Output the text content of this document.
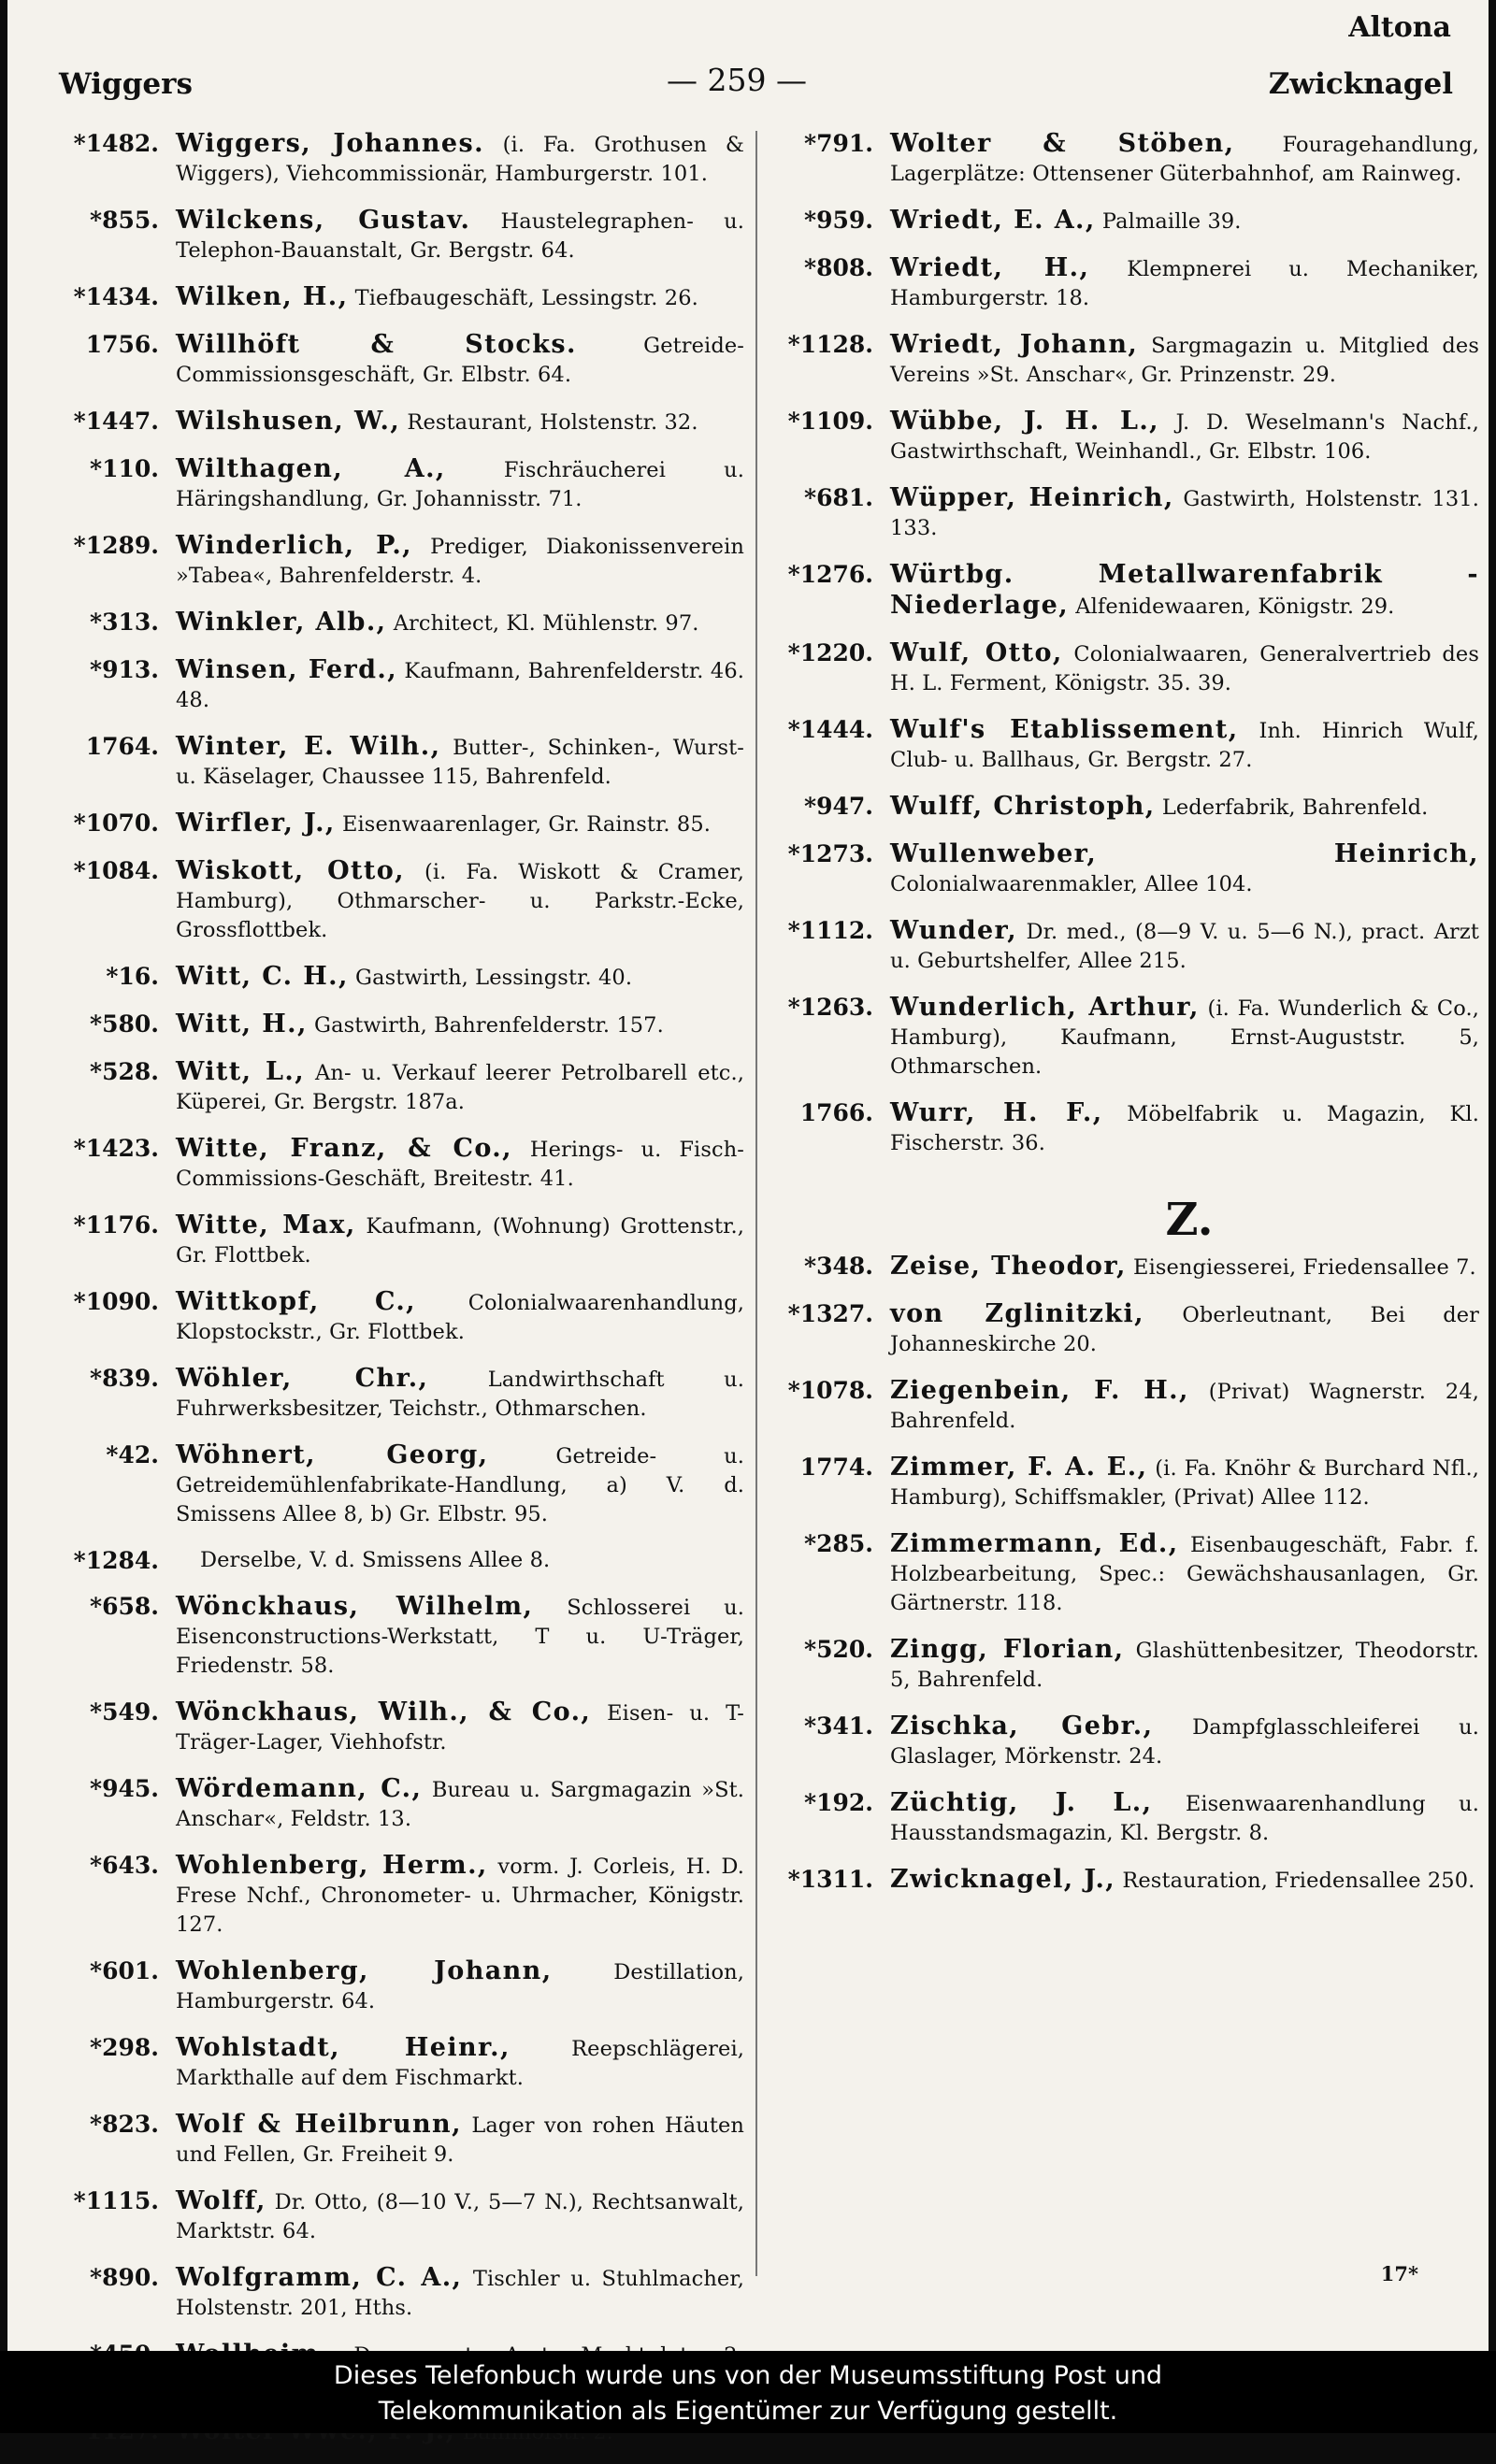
Altona
Wiggers	— 259 —	Zwicknagel
*1482. Wiggers, Johannes. (i. Fa. Grothusen & Wiggers), Viehcommissionär, Hamburgerstr. 101.
*855. Wilckens, Gustav. Haustelegraphen- u. Telephon-Bauanstalt, Gr. Bergstr. 64.
*1434. Wilken, H., Tiefbaugeschäft, Lessingstr. 26.
1756. Willhöft & Stocks.	Getreide-Commissionsgeschäft, Gr. Elbstr. 64.
*1447. Wilshusen, W., Restaurant, Holstenstr. 32.
*110. Wilthagen, A.,	Fischräucherei u. Häringshandlung, Gr. Johannisstr. 71.
*1289. Winderlich, P., Prediger, Diakonissenverein »Tabea«, Bahrenfelderstr. 4.
*313. Winkler, Alb., Architect, Kl. Mühlenstr. 97.
*913. Winsen, Ferd., Kaufmann, Bahrenfelderstr. 46. 48.
1764. Winter, E. Wilh., Butter-, Schinken-, Wurst- u. Käselager, Chaussee 115, Bahrenfeld.
*1070. Wirfler, J., Eisenwaarenlager, Gr. Rainstr. 85.
*1084. Wiskott, Otto, (i. Fa. Wiskott & Cramer, Hamburg), Othmarscher- u. Parkstr.-Ecke, Grossflottbek.
*16. Witt, C. H., Gastwirth, Lessingstr. 40.
*580. Witt, H., Gastwirth, Bahrenfelderstr. 157.
*528. Witt, L., An- u. Verkauf leerer Petrolbarell etc., Küperei, Gr. Bergstr. 187a.
*1423. Witte, Franz, & Co., Herings- u. Fisch-Commissions-Geschäft, Breitestr. 41.
*1176. Witte, Max, Kaufmann, (Wohnung) Grottenstr., Gr. Flottbek.
*1090. Wittkopf, C., Colonialwaarenhandlung, Klopstockstr., Gr. Flottbek.
*839. Wöhler, Chr.,	Landwirthschaft u. Fuhrwerksbesitzer, Teichstr., Othmarschen.
*42. Wöhnert, Georg,	Getreide- u. Getreidemühlenfabrikate-Handlung, a) V. d. Smissens Allee 8, b) Gr. Elbstr. 95.
*1284.	Derselbe, V. d. Smissens Allee 8.
*658. Wönckhaus, Wilhelm, Schlosserei u. Eisenconstructions-Werkstatt, T u. U-Träger, Friedenstr. 58.
*549. Wönckhaus, Wilh., & Co., Eisen- u. T-Träger-Lager, Viehhofstr.
*945. Wördemann, C., Bureau u. Sargmagazin »St. Anschar«, Feldstr. 13.
*643. Wohlenberg, Herm., vorm. J. Corleis, H. D. Frese Nchf., Chronometer- u. Uhrmacher, Königstr. 127.
*601. Wohlenberg, Johann,	Destillation, Hamburgerstr. 64.
*298. Wohlstadt, Heinr.,	Reepschlägerei, Markthalle auf dem Fischmarkt.
*823. Wolf & Heilbrunn, Lager von rohen Häuten und Fellen, Gr. Freiheit 9.
*1115. Wolff, Dr. Otto, (8—10 V., 5—7 N.), Rechtsanwalt, Marktstr. 64.
*890. Wolfgramm, C. A., Tischler u. Stuhlmacher, Holstenstr. 201, Hths.
*791. Wolter & Stöben, Fouragehandlung, Lagerplätze: Ottensener Güterbahnhof, am Rainweg.
*959. Wriedt, E. A., Palmaille 39.
*808. Wriedt, H., Klempnerei u. Mechaniker, Hamburgerstr. 18.
*1128. Wriedt, Johann, Sargmagazin u. Mitglied des Vereins »St. Anschar«, Gr. Prinzenstr. 29.
*1109. Wübbe, J. H. L., J. D. Weselmann's Nachf., Gastwirthschaft, Weinhandl., Gr. Elbstr. 106.
*681. Wüpper, Heinrich, Gastwirth, Holstenstr. 131. 133.
*1276. Würtbg. Metallwarenfabrik - Niederlage, Alfenidewaaren, Königstr. 29.
*1220. Wulf, Otto, Colonialwaaren, Generalvertrieb des H. L. Ferment, Königstr. 35. 39.
*1444. Wulf's Etablissement, Inh. Hinrich Wulf, Club- u. Ballhaus, Gr. Bergstr. 27.
*947. Wulff, Christoph, Lederfabrik, Bahrenfeld.
*1273. Wullenweber, Heinrich, Colonialwaarenmakler, Allee 104.
*1112. Wunder, Dr. med., (8—9 V. u. 5—6 N.), pract. Arzt u. Geburtshelfer, Allee 215.
*1263. Wunderlich, Arthur, (i. Fa. Wunderlich & Co., Hamburg), Kaufmann, Ernst-Auguststr. 5, Othmarschen.
1766. Wurr, H. F., Möbelfabrik u. Magazin, Kl. Fischerstr. 36.
Z.
*348. Zeise, Theodor, Eisengiesserei, Friedensallee 7.
*1327. von Zglinitzki, Oberleutnant, Bei der Johanneskirche 20.
*1078. Ziegenbein, F. H., (Privat) Wagnerstr. 24, Bahrenfeld.
1774. Zimmer, F. A. E., (i. Fa. Knöhr & Burchard Nfl., Hamburg), Schiffsmakler, (Privat) Allee 112.
*285. Zimmermann, Ed., Eisenbaugeschäft, Fabr. f. Holzbearbeitung, Spec.: Gewächshausanlagen, Gr. Gärtnerstr. 118.
*520. Zingg, Florian, Glashüttenbesitzer, Theodorstr. 5, Bahrenfeld.
*341. Zischka, Gebr., Dampfglasschleiferei u. Glaslager, Mörkenstr. 24.
*192. Züchtig, J. L., Eisenwaarenhandlung u. Hausstandsmagazin, Kl. Bergstr. 8.
*1311. Zwicknagel, J., Restauration, Friedensallee 250.
17*
Dieses Telefonbuch wurde uns von der Museumsstiftung Post und
Telekommunikation als Eigentümer zur Verfügung gestellt.
